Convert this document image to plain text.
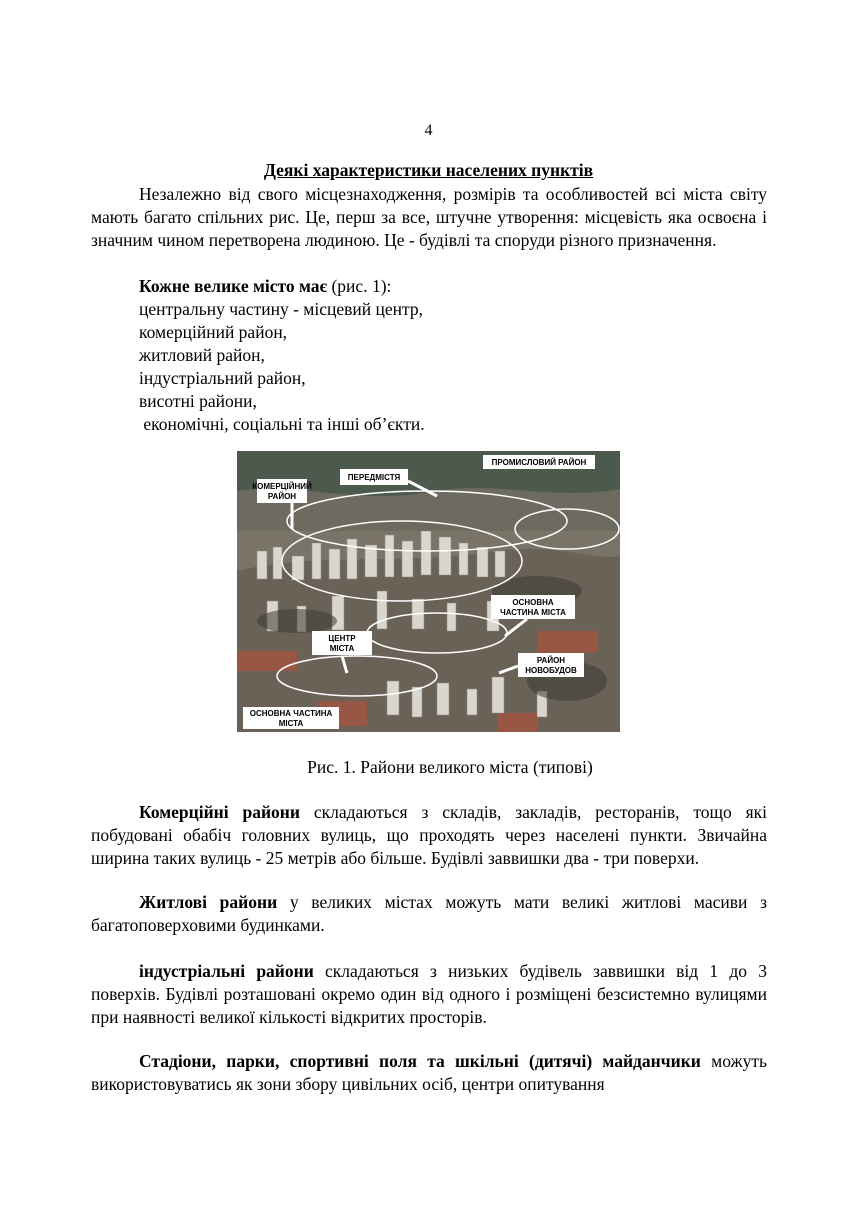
4
Деякі характеристики населених пунктів

Незалежно від свого місцезнаходження, розмірів та особливостей всі міста світу мають багато спільних рис. Це, перш за все, штучне утворення: місцевість яка освоєна і значним чином перетворена людиною. Це - будівлі та споруди різного призначення.

Кожне велике місто має (рис. 1):
центральну частину - місцевий центр,
комерційний район,
житловий район,
індустріальний район,
висотні райони,
економічні, соціальні та інші об’єкти.
ПРОМИСЛОВИЙ РАЙОН
ПЕРЕДМІСТЯ
КОМЕРЦІЙНИЙ
РАЙОН
ОСНОВНА
ЧАСТИНА МІСТА
ЦЕНТР
МІСТА
РАЙОН
НОВОБУДОВ
ОСНОВНА ЧАСТИНА
МІСТА
Рис. 1. Райони великого міста (типові)

Комерційні райони складаються з складів, закладів, ресторанів, тощо які побудовані обабіч головних вулиць, що проходять через населені пункти. Звичайна ширина таких вулиць - 25 метрів або більше. Будівлі заввишки два - три поверхи.

Житлові райони у великих містах можуть мати великі житлові масиви з багатоповерховими будинками.

індустріальні райони складаються з низьких будівель заввишки від 1 до 3 поверхів. Будівлі розташовані окремо один від одного і розміщені безсистемно вулицями при наявності великої кількості відкритих просторів.

Стадіони, парки, спортивні поля та шкільні (дитячі) майданчики можуть використовуватись як зони збору цивільних осіб, центри опитування
